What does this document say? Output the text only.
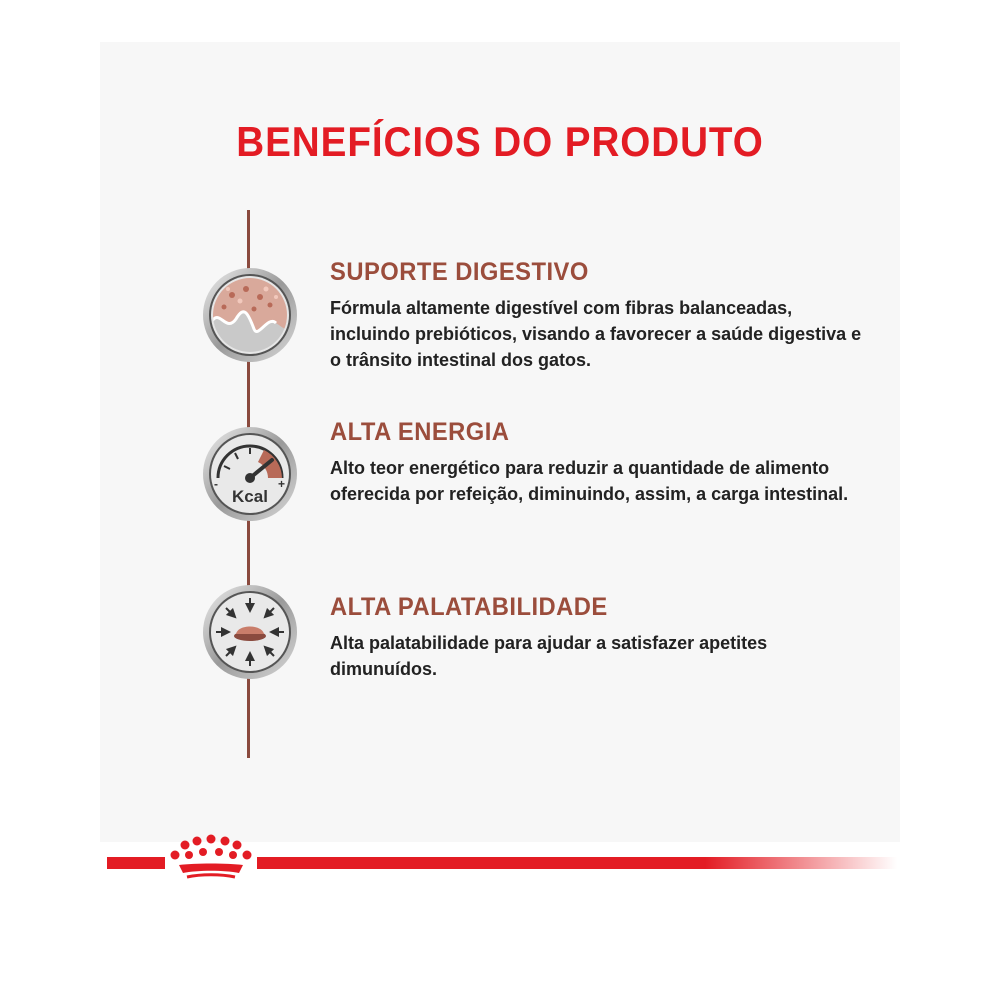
BENEFÍCIOS DO PRODUTO
-	+
Kcal
SUPORTE DIGESTIVO

Fórmula altamente digestível com fibras balanceadas, incluindo prebióticos, visando a favorecer a saúde digestiva e o trânsito intestinal dos gatos.

ALTA ENERGIA

Alto teor energético para reduzir a quantidade de alimento oferecida por refeição, diminuindo, assim, a carga intestinal.

ALTA PALATABILIDADE

Alta palatabilidade para ajudar a satisfazer apetites dimunuídos.
